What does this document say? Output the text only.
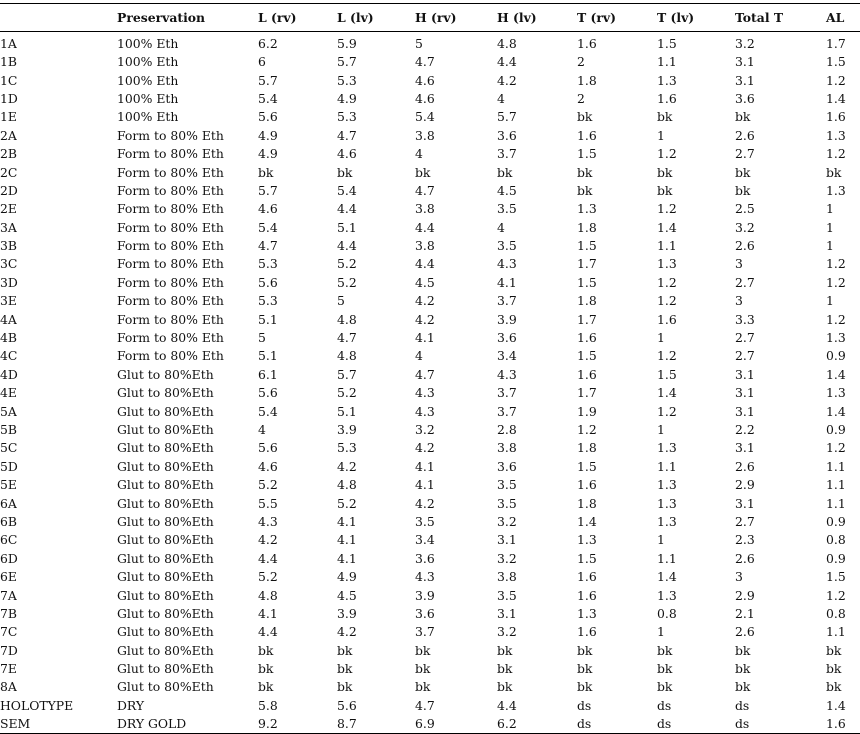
	Preservation	L (rv)	L (lv)	H (rv)	H (lv)	T (rv)	T (lv)	Total T	AL
1A	100% Eth	6.2	5.9	5	4.8	1.6	1.5	3.2	1.7
1B	100% Eth	6	5.7	4.7	4.4	2	1.1	3.1	1.5
1C	100% Eth	5.7	5.3	4.6	4.2	1.8	1.3	3.1	1.2
1D	100% Eth	5.4	4.9	4.6	4	2	1.6	3.6	1.4
1E	100% Eth	5.6	5.3	5.4	5.7	bk	bk	bk	1.6
2A	Form to 80% Eth	4.9	4.7	3.8	3.6	1.6	1	2.6	1.3
2B	Form to 80% Eth	4.9	4.6	4	3.7	1.5	1.2	2.7	1.2
2C	Form to 80% Eth	bk	bk	bk	bk	bk	bk	bk	bk
2D	Form to 80% Eth	5.7	5.4	4.7	4.5	bk	bk	bk	1.3
2E	Form to 80% Eth	4.6	4.4	3.8	3.5	1.3	1.2	2.5	1
3A	Form to 80% Eth	5.4	5.1	4.4	4	1.8	1.4	3.2	1
3B	Form to 80% Eth	4.7	4.4	3.8	3.5	1.5	1.1	2.6	1
3C	Form to 80% Eth	5.3	5.2	4.4	4.3	1.7	1.3	3	1.2
3D	Form to 80% Eth	5.6	5.2	4.5	4.1	1.5	1.2	2.7	1.2
3E	Form to 80% Eth	5.3	5	4.2	3.7	1.8	1.2	3	1
4A	Form to 80% Eth	5.1	4.8	4.2	3.9	1.7	1.6	3.3	1.2
4B	Form to 80% Eth	5	4.7	4.1	3.6	1.6	1	2.7	1.3
4C	Form to 80% Eth	5.1	4.8	4	3.4	1.5	1.2	2.7	0.9
4D	Glut to 80%Eth	6.1	5.7	4.7	4.3	1.6	1.5	3.1	1.4
4E	Glut to 80%Eth	5.6	5.2	4.3	3.7	1.7	1.4	3.1	1.3
5A	Glut to 80%Eth	5.4	5.1	4.3	3.7	1.9	1.2	3.1	1.4
5B	Glut to 80%Eth	4	3.9	3.2	2.8	1.2	1	2.2	0.9
5C	Glut to 80%Eth	5.6	5.3	4.2	3.8	1.8	1.3	3.1	1.2
5D	Glut to 80%Eth	4.6	4.2	4.1	3.6	1.5	1.1	2.6	1.1
5E	Glut to 80%Eth	5.2	4.8	4.1	3.5	1.6	1.3	2.9	1.1
6A	Glut to 80%Eth	5.5	5.2	4.2	3.5	1.8	1.3	3.1	1.1
6B	Glut to 80%Eth	4.3	4.1	3.5	3.2	1.4	1.3	2.7	0.9
6C	Glut to 80%Eth	4.2	4.1	3.4	3.1	1.3	1	2.3	0.8
6D	Glut to 80%Eth	4.4	4.1	3.6	3.2	1.5	1.1	2.6	0.9
6E	Glut to 80%Eth	5.2	4.9	4.3	3.8	1.6	1.4	3	1.5
7A	Glut to 80%Eth	4.8	4.5	3.9	3.5	1.6	1.3	2.9	1.2
7B	Glut to 80%Eth	4.1	3.9	3.6	3.1	1.3	0.8	2.1	0.8
7C	Glut to 80%Eth	4.4	4.2	3.7	3.2	1.6	1	2.6	1.1
7D	Glut to 80%Eth	bk	bk	bk	bk	bk	bk	bk	bk
7E	Glut to 80%Eth	bk	bk	bk	bk	bk	bk	bk	bk
8A	Glut to 80%Eth	bk	bk	bk	bk	bk	bk	bk	bk
HOLOTYPE	DRY	5.8	5.6	4.7	4.4	ds	ds	ds	1.4
SEM	DRY GOLD	9.2	8.7	6.9	6.2	ds	ds	ds	1.6
